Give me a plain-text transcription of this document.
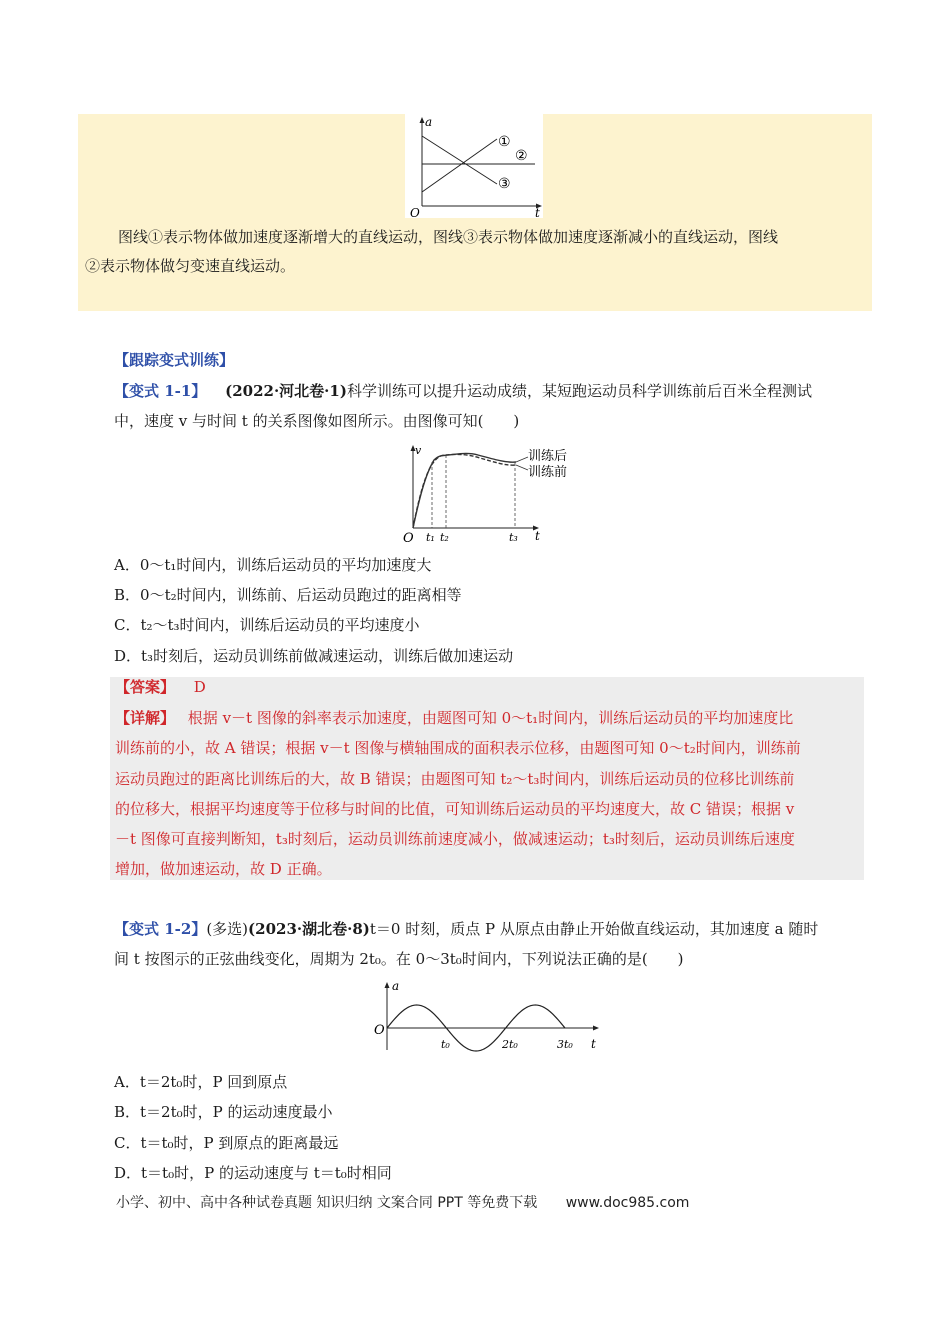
a
t
O
①
②
③

图线①表示物体做加速度逐渐增大的直线运动，图线③表示物体做加速度逐渐减小的直线运动，图线

②表示物体做匀变速直线运动。

【跟踪变式训练】
【变式 1-1】 (2022·河北卷·1)科学训练可以提升运动成绩，某短跑运动员科学训练前后百米全程测试
中，速度 v 与时间 t 的关系图像如图所示。由图像可知(　　)
v
t
O
训练后
训练前
t₁ t₂	t₃
A．0～t₁时间内，训练后运动员的平均加速度大
B．0～t₂时间内，训练前、后运动员跑过的距离相等
C．t₂～t₃时间内，训练后运动员的平均速度小
D．t₃时刻后，运动员训练前做减速运动，训练后做加速运动
【答案】 D
【详解】 根据 v－t 图像的斜率表示加速度，由题图可知 0～t₁时间内，训练后运动员的平均加速度比
训练前的小，故 A 错误；根据 v－t 图像与横轴围成的面积表示位移，由题图可知 0～t₂时间内，训练前
运动员跑过的距离比训练后的大，故 B 错误；由题图可知 t₂～t₃时间内，训练后运动员的位移比训练前
的位移大，根据平均速度等于位移与时间的比值，可知训练后运动员的平均速度大，故 C 错误；根据 v
－t 图像可直接判断知，t₃时刻后，运动员训练前速度减小，做减速运动；t₃时刻后，运动员训练后速度
增加，做加速运动，故 D 正确。
【变式 1-2】(多选)(2023·湖北卷·8)t＝0 时刻，质点 P 从原点由静止开始做直线运动，其加速度 a 随时
间 t 按图示的正弦曲线变化，周期为 2t₀。在 0～3t₀时间内，下列说法正确的是(　　)
a
t
O
t₀	2t₀	3t₀
A．t＝2t₀时，P 回到原点
B．t＝2t₀时，P 的运动速度最小
C．t＝t₀时，P 到原点的距离最远
D．t＝t₀时，P 的运动速度与 t＝t₀时相同
小学、初中、高中各种试卷真题 知识归纳 文案合同 PPT 等免费下载 www.doc985.com
